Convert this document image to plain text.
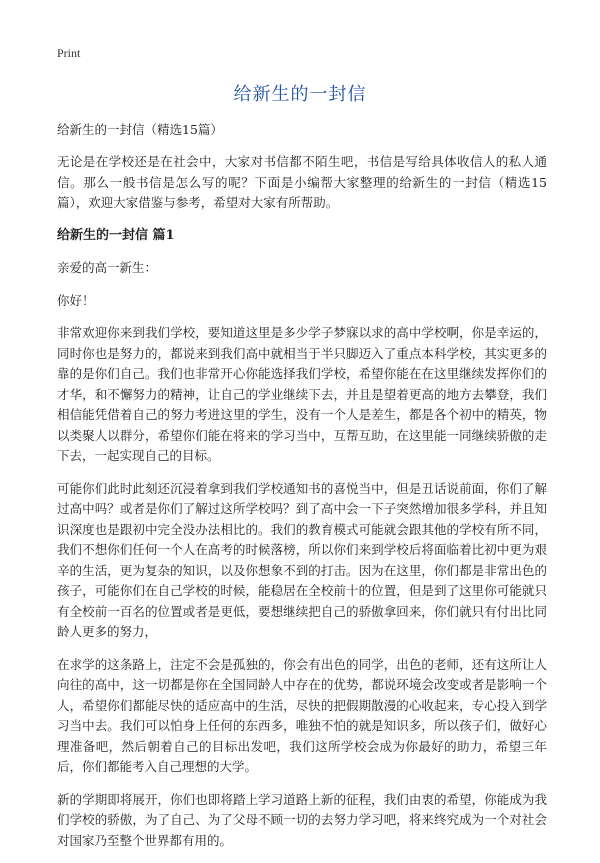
Print
给新生的一封信

给新生的一封信（精选15篇）

无论是在学校还是在社会中，大家对书信都不陌生吧，书信是写给具体收信人的私人通信。那么一般书信是怎么写的呢？下面是小编帮大家整理的给新生的一封信（精选15篇），欢迎大家借鉴与参考，希望对大家有所帮助。

给新生的一封信 篇1

亲爱的高一新生：

你好！

非常欢迎你来到我们学校，要知道这里是多少学子梦寐以求的高中学校啊，你是幸运的，同时你也是努力的，都说来到我们高中就相当于半只脚迈入了重点本科学校，其实更多的靠的是你们自己。我们也非常开心你能选择我们学校，希望你能在在这里继续发挥你们的才华，和不懈努力的精神，让自己的学业继续下去，并且是望着更高的地方去攀登，我们相信能凭借着自己的努力考进这里的学生，没有一个人是差生，都是各个初中的精英，物以类聚人以群分，希望你们能在将来的学习当中，互帮互助，在这里能一同继续骄傲的走下去，一起实现自己的目标。

可能你们此时此刻还沉浸着拿到我们学校通知书的喜悦当中，但是丑话说前面，你们了解过高中吗？或者是你们了解过这所学校吗？到了高中会一下子突然增加很多学科，并且知识深度也是跟初中完全没办法相比的。我们的教育模式可能就会跟其他的学校有所不同，我们不想你们任何一个人在高考的时候落榜，所以你们来到学校后将面临着比初中更为艰辛的生活，更为复杂的知识，以及你想象不到的打击。因为在这里，你们都是非常出色的孩子，可能你们在自己学校的时候，能稳居在全校前十的位置，但是到了这里你可能就只有全校前一百名的位置或者是更低，要想继续把自己的骄傲拿回来，你们就只有付出比同龄人更多的努力，

在求学的这条路上，注定不会是孤独的，你会有出色的同学，出色的老师，还有这所让人向往的高中，这一切都是你在全国同龄人中存在的优势，都说环境会改变或者是影响一个人，希望你们都能尽快的适应高中的生活，尽快的把假期散漫的心收起来，专心投入到学习当中去。我们可以怕身上任何的东西多，唯独不怕的就是知识多，所以孩子们，做好心理准备吧，然后朝着自己的目标出发吧，我们这所学校会成为你最好的助力，希望三年后，你们都能考入自己理想的大学。

新的学期即将展开，你们也即将踏上学习道路上新的征程，我们由衷的希望，你能成为我们学校的骄傲，为了自己、为了父母不顾一切的去努力学习吧，将来终究成为一个对社会对国家乃至整个世界都有用的。
